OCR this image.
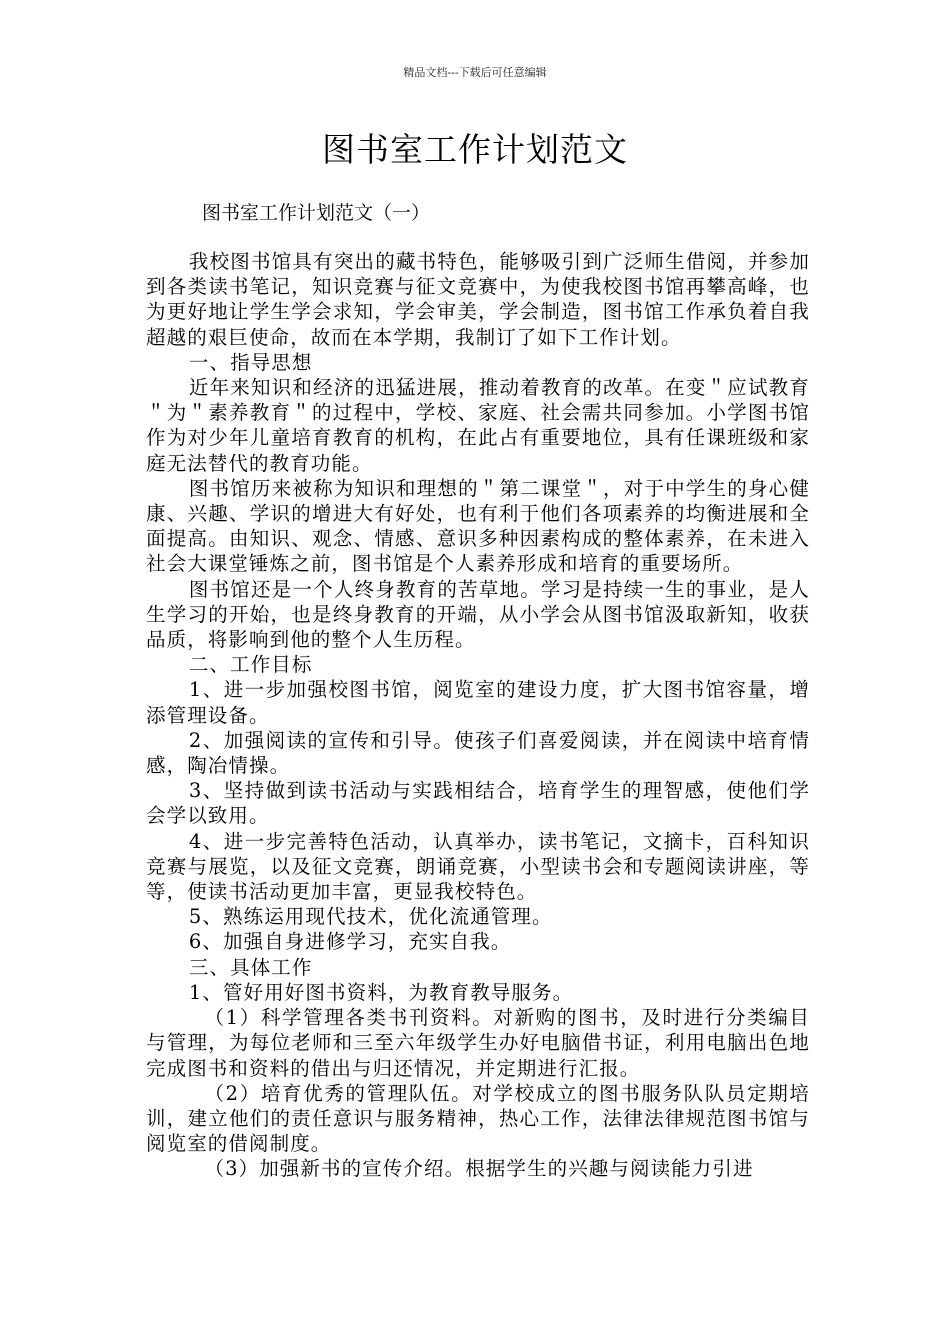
精品文档---下载后可任意编辑
图书室工作计划范文
图书室工作计划范文（一）

我校图书馆具有突出的藏书特色，能够吸引到广泛师生借阅，并参加到各类读书笔记，知识竞赛与征文竞赛中，为使我校图书馆再攀高峰，也为更好地让学生学会求知，学会审美，学会制造，图书馆工作承负着自我超越的艰巨使命，故而在本学期，我制订了如下工作计划。

一、指导思想

近年来知识和经济的迅猛进展，推动着教育的改革。在变＂应试教育＂为＂素养教育＂的过程中，学校、家庭、社会需共同参加。小学图书馆作为对少年儿童培育教育的机构，在此占有重要地位，具有任课班级和家庭无法替代的教育功能。

图书馆历来被称为知识和理想的＂第二课堂＂，对于中学生的身心健康、兴趣、学识的增进大有好处，也有利于他们各项素养的均衡进展和全面提高。由知识、观念、情感、意识多种因素构成的整体素养，在未进入社会大课堂锤炼之前，图书馆是个人素养形成和培育的重要场所。

图书馆还是一个人终身教育的苦草地。学习是持续一生的事业，是人生学习的开始，也是终身教育的开端，从小学会从图书馆汲取新知，收获品质，将影响到他的整个人生历程。

二、工作目标

1、进一步加强校图书馆，阅览室的建设力度，扩大图书馆容量，增添管理设备。

2、加强阅读的宣传和引导。使孩子们喜爱阅读，并在阅读中培育情感，陶冶情操。

3、坚持做到读书活动与实践相结合，培育学生的理智感，使他们学会学以致用。

4、进一步完善特色活动，认真举办，读书笔记，文摘卡，百科知识竞赛与展览，以及征文竞赛，朗诵竞赛，小型读书会和专题阅读讲座，等等，使读书活动更加丰富，更显我校特色。

5、熟练运用现代技术，优化流通管理。

6、加强自身进修学习，充实自我。

三、具体工作

1、管好用好图书资料，为教育教导服务。

（1）科学管理各类书刊资料。对新购的图书，及时进行分类编目与管理，为每位老师和三至六年级学生办好电脑借书证，利用电脑出色地完成图书和资料的借出与归还情况，并定期进行汇报。

（2）培育优秀的管理队伍。对学校成立的图书服务队队员定期培训，建立他们的责任意识与服务精神，热心工作，法律法律规范图书馆与阅览室的借阅制度。

（3）加强新书的宣传介绍。根据学生的兴趣与阅读能力引进
